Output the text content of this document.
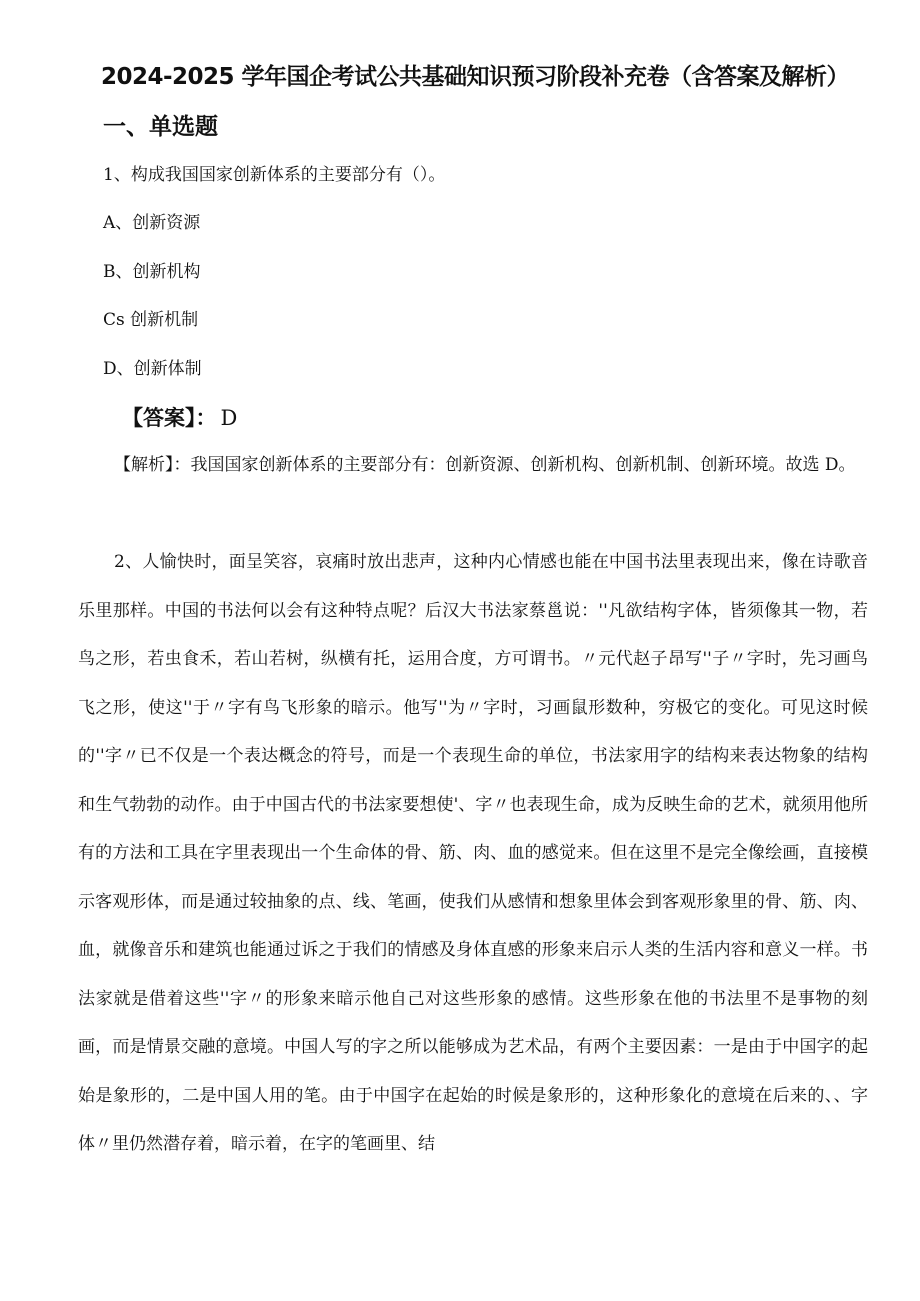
2024-2025 学年国企考试公共基础知识预习阶段补充卷（含答案及解析）
一、单选题
1、构成我国国家创新体系的主要部分有（）。
A、创新资源
B、创新机构
Cs 创新机制
D、创新体制
【答案】： D

【解析】：我国国家创新体系的主要部分有：创新资源、创新机构、创新机制、创新环境。故选 D。

2、人愉快时，面呈笑容，哀痛时放出悲声，这种内心情感也能在中国书法里表现出来，像在诗歌音乐里那样。中国的书法何以会有这种特点呢？后汉大书法家蔡邕说：''凡欲结构字体，皆须像其一物，若鸟之形，若虫食禾，若山若树，纵横有托，运用合度，方可谓书。〃元代赵子昂写''子〃字时，先习画鸟飞之形，使这''于〃字有鸟飞形象的暗示。他写''为〃字时，习画鼠形数种，穷极它的变化。可见这时候的''字〃已不仅是一个表达概念的符号，而是一个表现生命的单位，书法家用字的结构来表达物象的结构和生气勃勃的动作。由于中国古代的书法家要想使'、字〃也表现生命，成为反映生命的艺术，就须用他所有的方法和工具在字里表现出一个生命体的骨、筋、肉、血的感觉来。但在这里不是完全像绘画，直接模示客观形体，而是通过较抽象的点、线、笔画，使我们从感情和想象里体会到客观形象里的骨、筋、肉、血，就像音乐和建筑也能通过诉之于我们的情感及身体直感的形象来启示人类的生活内容和意义一样。书法家就是借着这些''字〃的形象来暗示他自己对这些形象的感情。这些形象在他的书法里不是事物的刻画，而是情景交融的意境。中国人写的字之所以能够成为艺术品，有两个主要因素：一是由于中国字的起始是象形的，二是中国人用的笔。由于中国字在起始的时候是象形的，这种形象化的意境在后来的、、字体〃里仍然潜存着，暗示着，在字的笔画里、结
